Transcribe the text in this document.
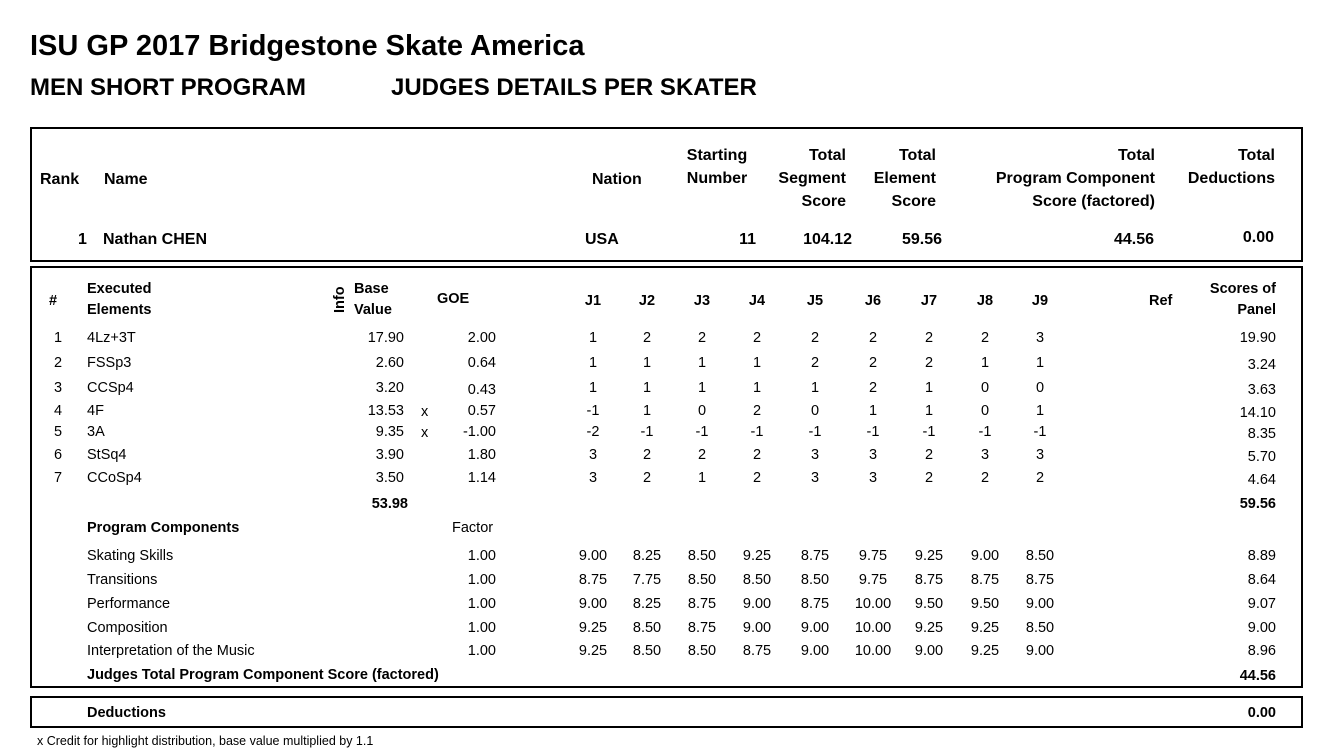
ISU GP 2017 Bridgestone Skate America
MEN SHORT PROGRAM	JUDGES DETAILS PER SKATER
Rank Name	Nation
Starting
Number
Total
Segment
Score
Total
Element
Score
Total
Program Component
Score (factored)
Total
Deductions
1 Nathan CHEN	USA	11	104.12	59.56	44.56	0.00
#
Executed
Elements	Info Base
Value
GOE	J1	J2	J3	J4	J5	J6	J7	J8	J9	Ref
Scores of
Panel
1	4Lz+3T	17.90	2.00	1	2	2	2	2	2	2	2	3	19.90
2	FSSp3	2.60	0.64	1	1	1	1	2	2	2	1	1	3.24
3	CCSp4	3.20	0.43	1	1	1	1	1	2	1	0	0	3.63
4	4F	13.53 x	0.57	-1	1	0	2	0	1	1	0	1	14.10
5	3A	9.35 x	-1.00	-2	-1	-1	-1	-1	-1	-1	-1	-1	8.35
6	StSq4	3.90	1.80	3	2	2	2	3	3	2	3	3	5.70
7	CCoSp4	3.50	1.14	3	2	1	2	3	3	2	2	2	4.64
53.98	59.56
Program Components	Factor
Skating Skills	1.00	9.00	8.25	8.50	9.25	8.75	9.75	9.25	9.00	8.50	8.89
Transitions	1.00	8.75	7.75	8.50	8.50	8.50	9.75	8.75	8.75	8.75	8.64
Performance	1.00	9.00	8.25	8.75	9.00	8.75	10.00	9.50	9.50	9.00	9.07
Composition	1.00	9.25	8.50	8.75	9.00	9.00	10.00	9.25	9.25	8.50	9.00
Interpretation of the Music	1.00	9.25	8.50	8.50	8.75	9.00	10.00	9.00	9.25	9.00	8.96
Judges Total Program Component Score (factored)	44.56
Deductions	0.00
x Credit for highlight distribution, base value multiplied by 1.1
